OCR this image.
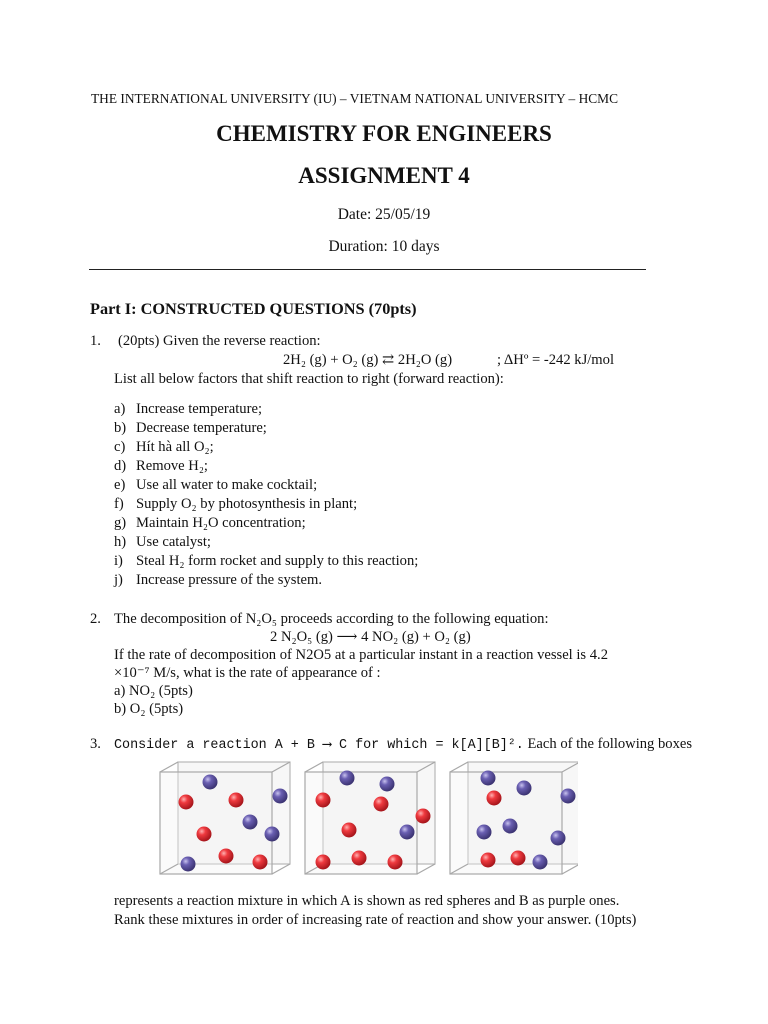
THE INTERNATIONAL UNIVERSITY (IU) – VIETNAM NATIONAL UNIVERSITY – HCMC
CHEMISTRY FOR ENGINEERS
ASSIGNMENT 4
Date: 25/05/19
Duration: 10 days
Part I: CONSTRUCTED QUESTIONS (70pts)
1. (20pts) Given the reverse reaction:
2H₂ (g) + O₂ (g) ⇄ 2H₂O (g)	; ΔHº = -242 kJ/mol
List all below factors that shift reaction to right (forward reaction):
a) Increase temperature;
b) Decrease temperature;
c) Hít hà all O₂;
d) Remove H₂;
e) Use all water to make cocktail;
f) Supply O₂ by photosynthesis in plant;
g) Maintain H₂O concentration;
h) Use catalyst;
i) Steal H₂ form rocket and supply to this reaction;
j) Increase pressure of the system.
2. The decomposition of N₂O₅ proceeds according to the following equation:
2 N₂O₅ (g) ⟶ 4 NO₂ (g) + O₂ (g)
If the rate of decomposition of N2O5 at a particular instant in a reaction vessel is 4.2
×10⁻⁷ M/s, what is the rate of appearance of :
a) NO₂ (5pts)
b) O₂ (5pts)
3. Consider a reaction A + B ⟶ C for which = k[A][B]². Each of the following boxes
represents a reaction mixture in which A is shown as red spheres and B as purple ones.
Rank these mixtures in order of increasing rate of reaction and show your answer. (10pts)
